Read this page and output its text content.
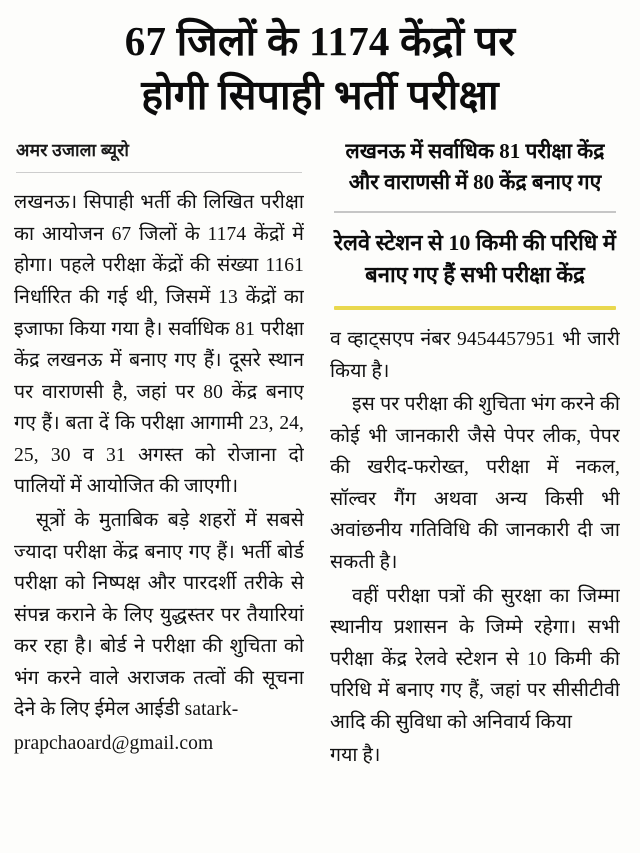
67 जिलों के 1174 केंद्रों पर
होगी सिपाही भर्ती परीक्षा
अमर उजाला ब्यूरो

लखनऊ। सिपाही भर्ती की लिखित परीक्षा का आयोजन 67 जिलों के 1174 केंद्रों में होगा। पहले परीक्षा केंद्रों की संख्या 1161 निर्धारित की गई थी, जिसमें 13 केंद्रों का इजाफा किया गया है। सर्वाधिक 81 परीक्षा केंद्र लखनऊ में बनाए गए हैं। दूसरे स्थान पर वाराणसी है, जहां पर 80 केंद्र बनाए गए हैं। बता दें कि परीक्षा आगामी 23, 24, 25, 30 व 31 अगस्त को रोजाना दो पालियों में आयोजित की जाएगी।

सूत्रों के मुताबिक बड़े शहरों में सबसे ज्यादा परीक्षा केंद्र बनाए गए हैं। भर्ती बोर्ड परीक्षा को निष्पक्ष और पारदर्शी तरीके से संपन्न कराने के लिए युद्धस्तर पर तैयारियां कर रहा है। बोर्ड ने परीक्षा की शुचिता को भंग करने वाले अराजक तत्वों की सूचना देने के लिए ईमेल आईडी satark-

prapchaoard@gmail.com

लखनऊ में सर्वाधिक 81 परीक्षा केंद्र और वाराणसी में 80 केंद्र बनाए गए
रेलवे स्टेशन से 10 किमी की परिधि में बनाए गए हैं सभी परीक्षा केंद्र

व व्हाट्सएप नंबर 9454457951 भी जारी किया है।

इस पर परीक्षा की शुचिता भंग करने की कोई भी जानकारी जैसे पेपर लीक, पेपर की खरीद-फरोख्त, परीक्षा में नकल, सॉल्वर गैंग अथवा अन्य किसी भी अवांछनीय गतिविधि की जानकारी दी जा सकती है।

वहीं परीक्षा पत्रों की सुरक्षा का जिम्मा स्थानीय प्रशासन के जिम्मे रहेगा। सभी परीक्षा केंद्र रेलवे स्टेशन से 10 किमी की परिधि में बनाए गए हैं, जहां पर सीसीटीवी आदि की सुविधा को अनिवार्य किया

गया है।
